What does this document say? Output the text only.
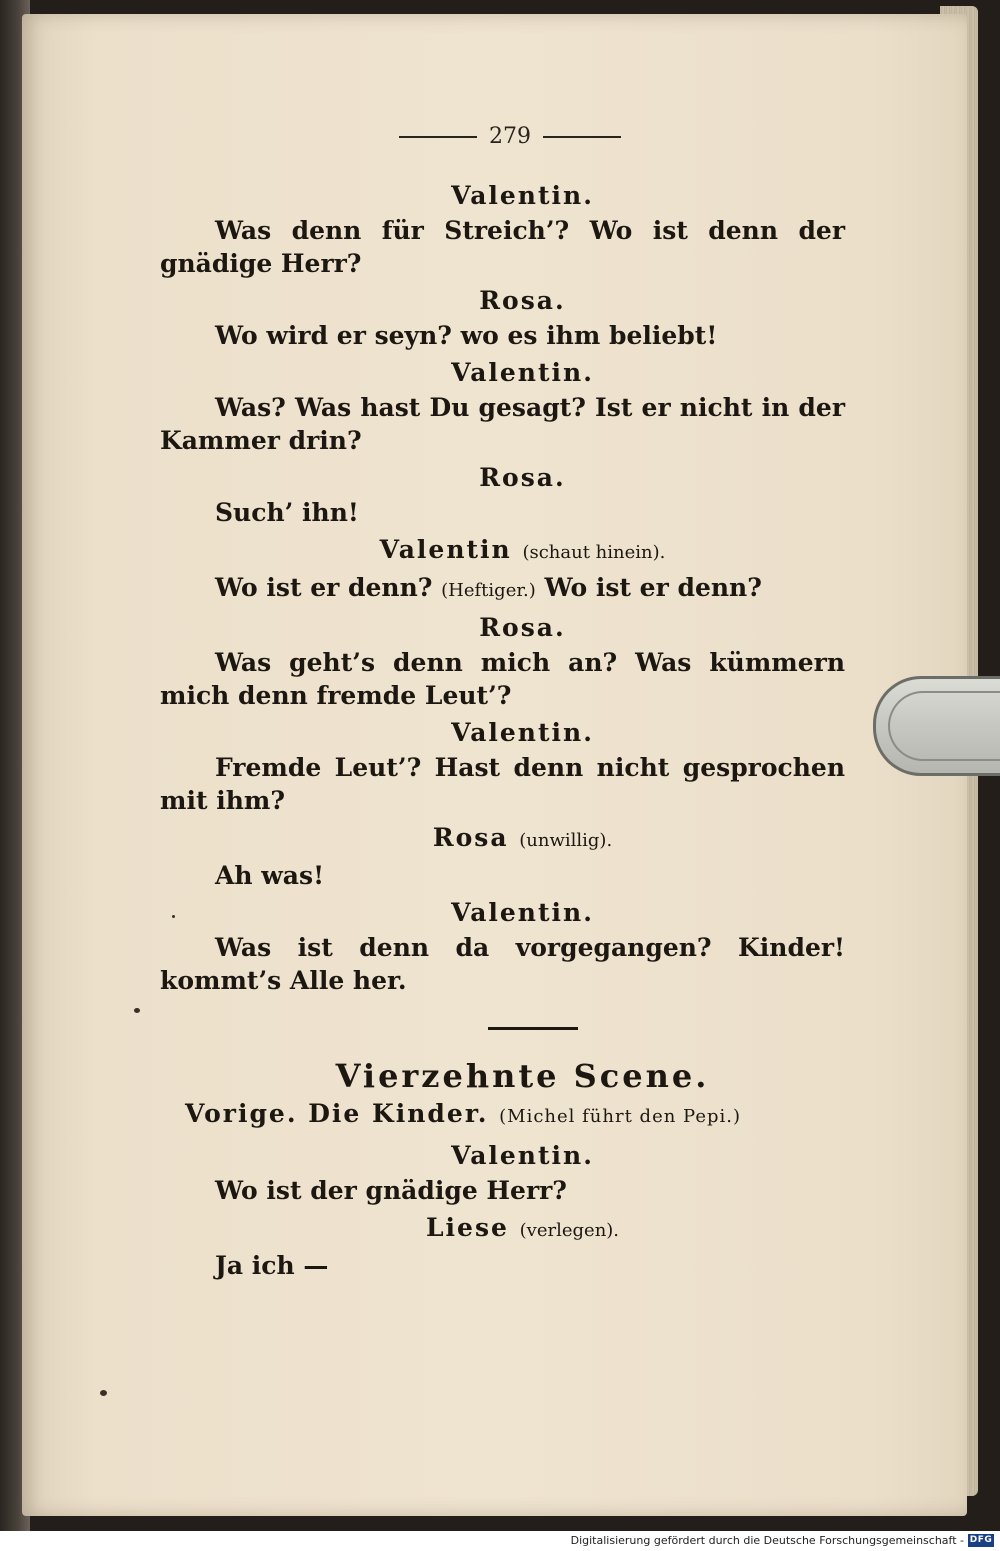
279
Valentin.
Was denn für Streich’? Wo ist denn der gnädige Herr?
Rosa.
Wo wird er seyn? wo es ihm beliebt!
Valentin.
Was? Was hast Du gesagt? Ist er nicht in der Kammer drin?
Rosa.
Such’ ihn!
Valentin (schaut hinein).
Wo ist er denn? (Heftiger.) Wo ist er denn?
Rosa.
Was geht’s denn mich an? Was kümmern mich denn fremde Leut’?
Valentin.
Fremde Leut’? Hast denn nicht gesprochen mit ihm?
Rosa (unwillig).
Ah was!
Valentin.
Was ist denn da vorgegangen? Kinder! kommt’s Alle her.
Vierzehnte Scene.
Vorige. Die Kinder. (Michel führt den Pepi.)
Valentin.
Wo ist der gnädige Herr?
Liese (verlegen).
Ja ich —
Digitalisierung gefördert durch die Deutsche Forschungsgemeinschaft - DFG
